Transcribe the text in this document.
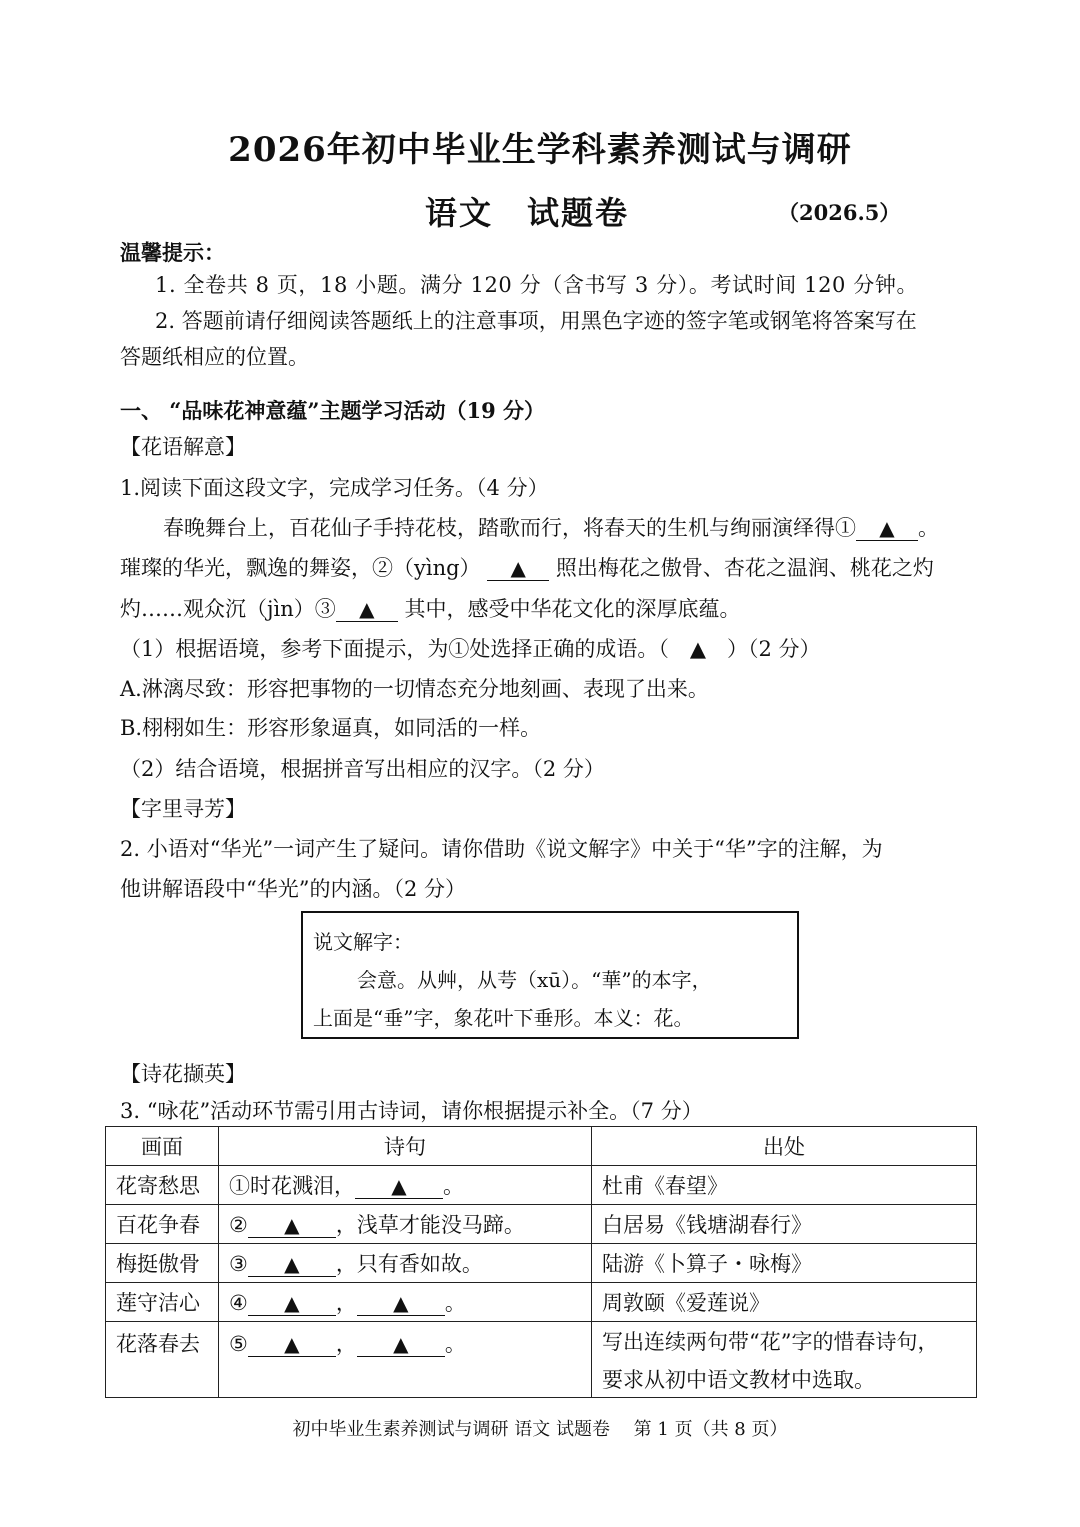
2026年初中毕业生学科素养测试与调研
语文　试题卷	（2026.5）
温馨提示：
1. 全卷共 8 页，18 小题。满分 120 分（含书写 3 分）。考试时间 120 分钟。
2. 答题前请仔细阅读答题纸上的注意事项，用黑色字迹的签字笔或钢笔将答案写在
答题纸相应的位置。
一、 “品味花神意蕴”主题学习活动（19 分）
【花语解意】
1.阅读下面这段文字，完成学习任务。（4 分）
春晚舞台上，百花仙子手持花枝，踏歌而行，将春天的生机与绚丽演绎得① ▲ 。
璀璨的华光，飘逸的舞姿，②（yìng） ▲ 照出梅花之傲骨、杏花之温润、桃花之灼
灼……观众沉（jìn）③ ▲ 其中，感受中华花文化的深厚底蕴。
（1）根据语境，参考下面提示，为①处选择正确的成语。（　▲　）（2 分）
A.淋漓尽致：形容把事物的一切情态充分地刻画、表现了出来。
B.栩栩如生：形容形象逼真，如同活的一样。
（2）结合语境，根据拼音写出相应的汉字。（2 分）
【字里寻芳】
2. 小语对“华光”一词产生了疑问。请你借助《说文解字》中关于“华”字的注解，为
他讲解语段中“华光”的内涵。（2 分）
说文解字：
会意。从艸，从芌（xū）。“華”的本字，
上面是“垂”字，象花叶下垂形。本义：花。
【诗花撷英】
3. “咏花”活动环节需引用古诗词，请你根据提示补全。（7 分）
画面	诗句	出处
花寄愁思	①时花溅泪， ▲ 。	杜甫《春望》

百花争春	② ▲ ，浅草才能没马蹄。	白居易《钱塘湖春行》

梅挺傲骨	③ ▲ ，只有香如故。	陆游《卜算子・咏梅》

莲守洁心	④ ▲ ， ▲ 。	周敦颐《爱莲说》

花落春去	⑤ ▲ ， ▲ 。	写出连续两句带“花”字的惜春诗句，
要求从初中语文教材中选取。
初中毕业生素养测试与调研 语文 试题卷　 第 1 页（共 8 页）
